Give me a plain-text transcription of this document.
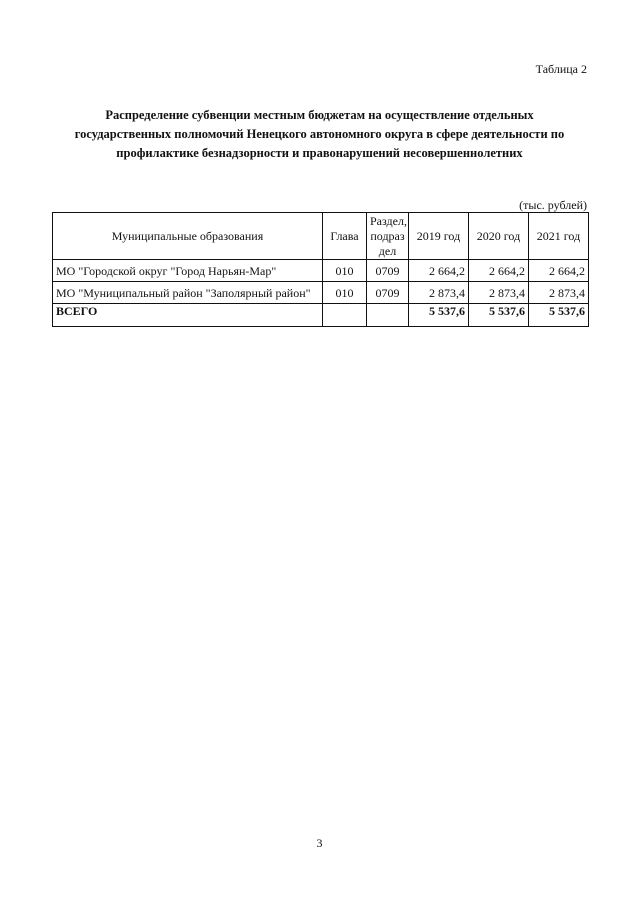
Таблица 2
Распределение субвенции местным бюджетам на осуществление отдельных
государственных полномочий Ненецкого автономного округа в сфере деятельности по
профилактике безнадзорности и правонарушений несовершеннолетних
(тыс. рублей)
Муниципальные образования	Глава	Раздел,
подраз
дел	2019 год	2020 год	2021 год
МО "Городской округ "Город Нарьян-Мар"	010	0709	2 664,2	2 664,2	2 664,2
МО "Муниципальный район "Заполярный район"	010	0709	2 873,4	2 873,4	2 873,4
ВСЕГО			5 537,6	5 537,6	5 537,6
3
